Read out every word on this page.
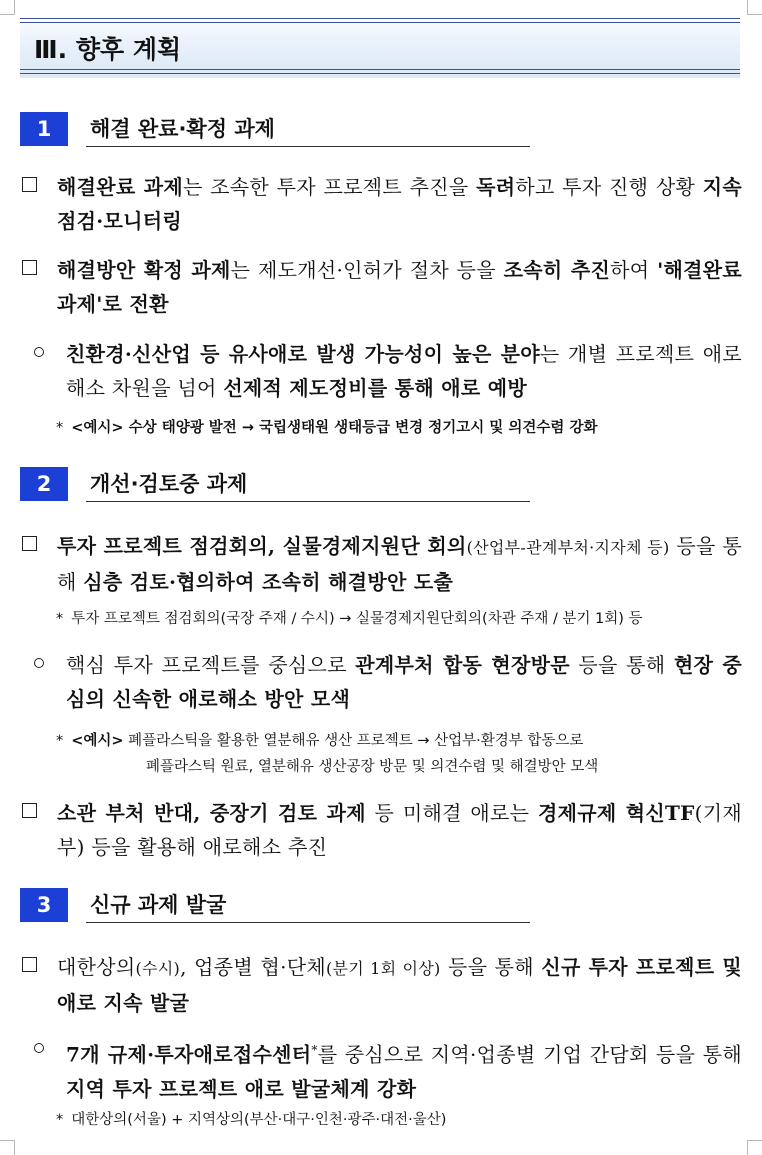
Ⅲ. 향후 계획
1	해결 완료·확정 과제
해결완료 과제는 조속한 투자 프로젝트 추진을 독려하고 투자 진행 상황 지속 점검·모니터링
해결방안 확정 과제는 제도개선·인허가 절차 등을 조속히 추진하여 '해결완료 과제'로 전환
친환경·신산업 등 유사애로 발생 가능성이 높은 분야는 개별 프로젝트 애로해소 차원을 넘어 선제적 제도정비를 통해 애로 예방
* <예시> 수상 태양광 발전 → 국립생태원 생태등급 변경 정기고시 및 의견수렴 강화
2	개선·검토중 과제
투자 프로젝트 점검회의, 실물경제지원단 회의(산업부-관계부처·지자체 등) 등을 통해 심층 검토·협의하여 조속히 해결방안 도출
* 투자 프로젝트 점검회의(국장 주재 / 수시) → 실물경제지원단회의(차관 주재 / 분기 1회) 등
핵심 투자 프로젝트를 중심으로 관계부처 합동 현장방문 등을 통해 현장 중심의 신속한 애로해소 방안 모색
* <예시> 폐플라스틱을 활용한 열분해유 생산 프로젝트 → 산업부·환경부 합동으로
폐플라스틱 원료, 열분해유 생산공장 방문 및 의견수렴 및 해결방안 모색
소관 부처 반대, 중장기 검토 과제 등 미해결 애로는 경제규제 혁신TF(기재부) 등을 활용해 애로해소 추진
3	신규 과제 발굴
대한상의(수시), 업종별 협·단체(분기 1회 이상) 등을 통해 신규 투자 프로젝트 및 애로 지속 발굴
7개 규제·투자애로접수센터*를 중심으로 지역·업종별 기업 간담회 등을 통해 지역 투자 프로젝트 애로 발굴체계 강화
* 대한상의(서울) + 지역상의(부산·대구·인천·광주·대전·울산)
